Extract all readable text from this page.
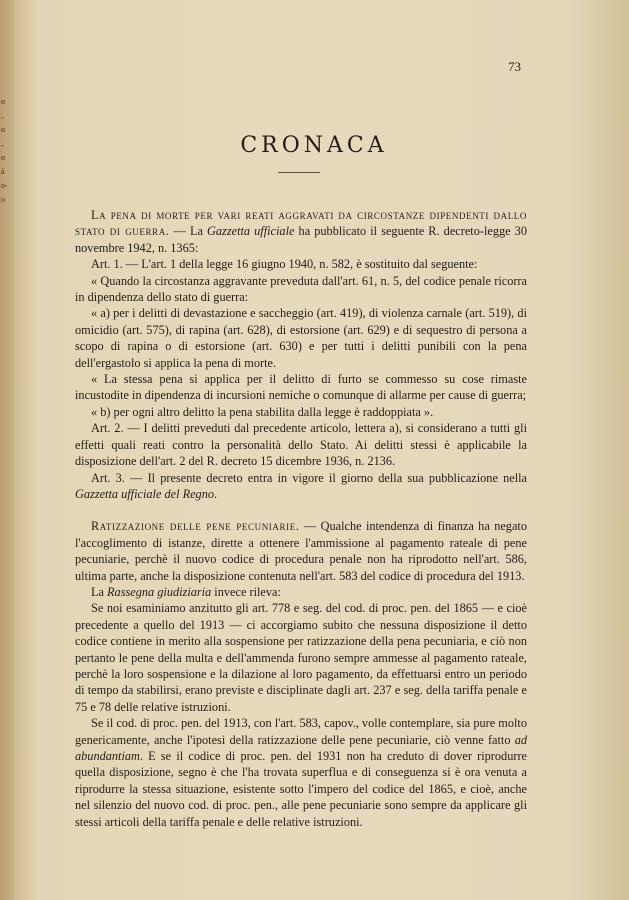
o
-
o
-
o
à
o-
o
73
CRONACA

La pena di morte per vari reati aggravati da circostanze dipendenti dallo stato di guerra. — La Gazzetta ufficiale ha pubblicato il seguente R. decreto-legge 30 novembre 1942, n. 1365:

Art. 1. — L'art. 1 della legge 16 giugno 1940, n. 582, è sostituito dal seguente:

« Quando la circostanza aggravante preveduta dall'art. 61, n. 5, del codice penale ricorra in dipendenza dello stato di guerra:

« a) per i delitti di devastazione e saccheggio (art. 419), di violenza carnale (art. 519), di omicidio (art. 575), di rapina (art. 628), di estorsione (art. 629) e di sequestro di persona a scopo di rapina o di estorsione (art. 630) e per tutti i delitti punibili con la pena dell'ergastolo si applica la pena di morte.

« La stessa pena si applica per il delitto di furto se commesso su cose rimaste incustodite in dipendenza di incursioni nemiche o comunque di allarme per cause di guerra;

« b) per ogni altro delitto la pena stabilita dalla legge è raddoppiata ».

Art. 2. — I delitti preveduti dal precedente articolo, lettera a), si considerano a tutti gli effetti quali reati contro la personalità dello Stato. Ai delitti stessi è applicabile la disposizione dell'art. 2 del R. decreto 15 dicembre 1936, n. 2136.

Art. 3. — Il presente decreto entra in vigore il giorno della sua pubblicazione nella Gazzetta ufficiale del Regno.

Ratizzazione delle pene pecuniarie. — Qualche intendenza di finanza ha negato l'accoglimento di istanze, dirette a ottenere l'ammissione al pagamento rateale di pene pecuniarie, perchè il nuovo codice di procedura penale non ha riprodotto nell'art. 586, ultima parte, anche la disposizione contenuta nell'art. 583 del codice di procedura del 1913.

La Rassegna giudiziaria invece rileva:

Se noi esaminiamo anzitutto gli art. 778 e seg. del cod. di proc. pen. del 1865 — e cioè precedente a quello del 1913 — ci accorgiamo subito che nessuna disposizione il detto codice contiene in merito alla sospensione per ratizzazione della pena pecuniaria, e ciò non pertanto le pene della multa e dell'ammenda furono sempre ammesse al pagamento rateale, perchè la loro sospensione e la dilazione al loro pagamento, da effettuarsi entro un periodo di tempo da stabilirsi, erano previste e disciplinate dagli art. 237 e seg. della tariffa penale e 75 e 78 delle relative istruzioni.

Se il cod. di proc. pen. del 1913, con l'art. 583, capov., volle contemplare, sia pure molto genericamente, anche l'ipotesi della ratizzazione delle pene pecuniarie, ciò venne fatto ad abundantiam. E se il codice di proc. pen. del 1931 non ha creduto di dover riprodurre quella disposizione, segno è che l'ha trovata superflua e di conseguenza si è ora venuta a riprodurre la stessa situazione, esistente sotto l'impero del codice del 1865, e cioè, anche nel silenzio del nuovo cod. di proc. pen., alle pene pecuniarie sono sempre da applicare gli stessi articoli della tariffa penale e delle relative istruzioni.
